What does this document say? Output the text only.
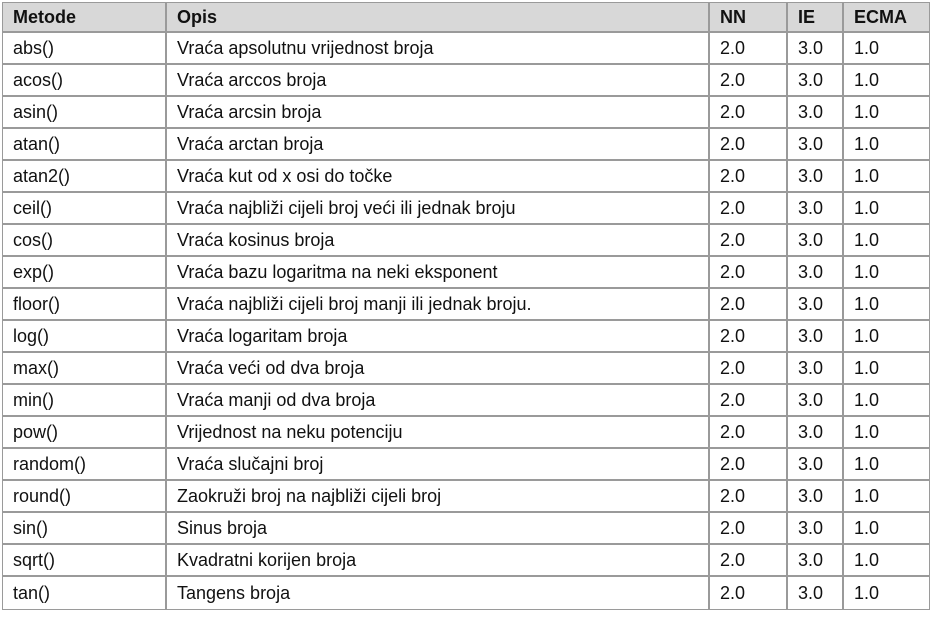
Metode	Opis	NN	IE	ECMA
abs()	Vraća apsolutnu vrijednost broja	2.0	3.0	1.0
acos()	Vraća arccos broja	2.0	3.0	1.0
asin()	Vraća arcsin broja	2.0	3.0	1.0
atan()	Vraća arctan broja	2.0	3.0	1.0
atan2()	Vraća kut od x osi do točke	2.0	3.0	1.0
ceil()	Vraća najbliži cijeli broj veći ili jednak broju	2.0	3.0	1.0
cos()	Vraća kosinus broja	2.0	3.0	1.0
exp()	Vraća bazu logaritma na neki eksponent	2.0	3.0	1.0
floor()	Vraća najbliži cijeli broj manji ili jednak broju.	2.0	3.0	1.0
log()	Vraća logaritam broja	2.0	3.0	1.0
max()	Vraća veći od dva broja	2.0	3.0	1.0
min()	Vraća manji od dva broja	2.0	3.0	1.0
pow()	Vrijednost na neku potenciju	2.0	3.0	1.0
random()	Vraća slučajni broj	2.0	3.0	1.0
round()	Zaokruži broj na najbliži cijeli broj	2.0	3.0	1.0
sin()	Sinus broja	2.0	3.0	1.0
sqrt()	Kvadratni korijen broja	2.0	3.0	1.0
tan()	Tangens broja	2.0	3.0	1.0
